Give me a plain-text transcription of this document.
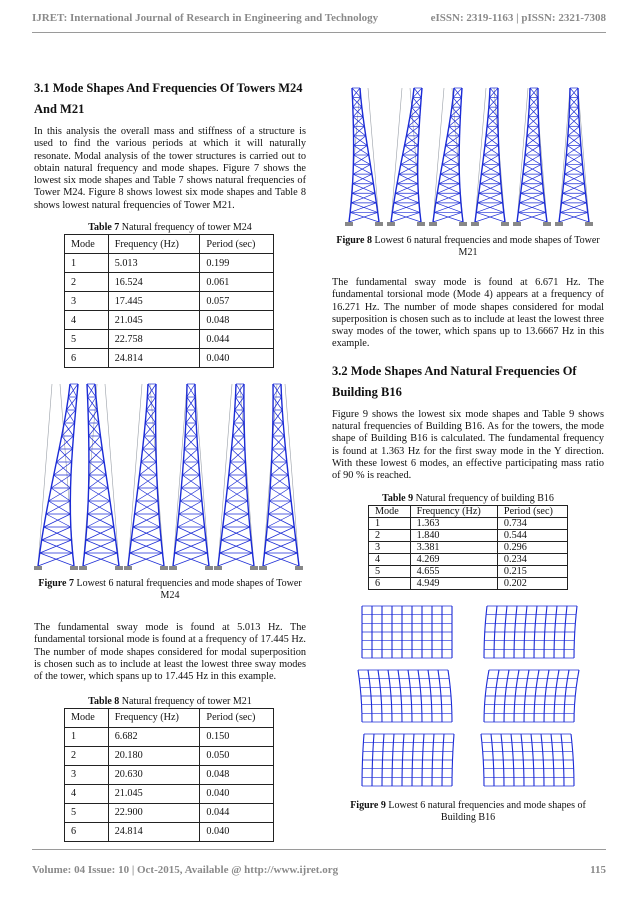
IJRET: International Journal of Research in Engineering and Technology	eISSN: 2319-1163 | pISSN: 2321-7308
3.1 Mode Shapes And Frequencies Of Towers M24
And M21

In this analysis the overall mass and stiffness of a structure is used to find the various periods at which it will naturally resonate. Modal analysis of the tower structures is carried out to obtain natural frequency and mode shapes. Figure 7 shows the lowest six mode shapes and Table 7 shows natural frequencies of Tower M24. Figure 8 shows lowest six mode shapes and Table 8 shows lowest natural frequencies of Tower M21.

Table 7 Natural frequency of tower M24
Mode	Frequency (Hz)	Period (sec)
1	5.013	0.199
2	16.524	0.061
3	17.445	0.057
4	21.045	0.048
5	22.758	0.044
6	24.814	0.040
Figure 7 Lowest 6 natural frequencies and mode shapes of Tower M24

The fundamental sway mode is found at 5.013 Hz. The fundamental torsional mode is found at a frequency of 17.445 Hz. The number of mode shapes considered for modal superposition is chosen such as to include at least the lowest three sway modes of the tower, which spans up to 17.445 Hz in this example.

Table 8 Natural frequency of tower M21
Mode	Frequency (Hz)	Period (sec)
1	6.682	0.150
2	20.180	0.050
3	20.630	0.048
4	21.045	0.040
5	22.900	0.044
6	24.814	0.040
Figure 8 Lowest 6 natural frequencies and mode shapes of Tower M21

The fundamental sway mode is found at 6.671 Hz. The fundamental torsional mode (Mode 4) appears at a frequency of 16.271 Hz. The number of mode shapes considered for modal superposition is chosen such as to include at least the lowest three sway modes of the tower, which spans up to 13.6667 Hz in this example.

3.2 Mode Shapes And Natural Frequencies Of
Building B16

Figure 9 shows the lowest six mode shapes and Table 9 shows natural frequencies of Building B16. As for the towers, the mode shape of Building B16 is calculated. The fundamental frequency is found at 1.363 Hz for the first sway mode in the Y direction. With these lowest 6 modes, an effective participating mass ratio of 90 % is reached.

Table 9 Natural frequency of building B16
Mode	Frequency (Hz)	Period (sec)
1	1.363	0.734
2	1.840	0.544
3	3.381	0.296
4	4.269	0.234
5	4.655	0.215
6	4.949	0.202
Figure 9 Lowest 6 natural frequencies and mode shapes of Building B16
Volume: 04 Issue: 10 | Oct-2015, Available @ http://www.ijret.org	115
